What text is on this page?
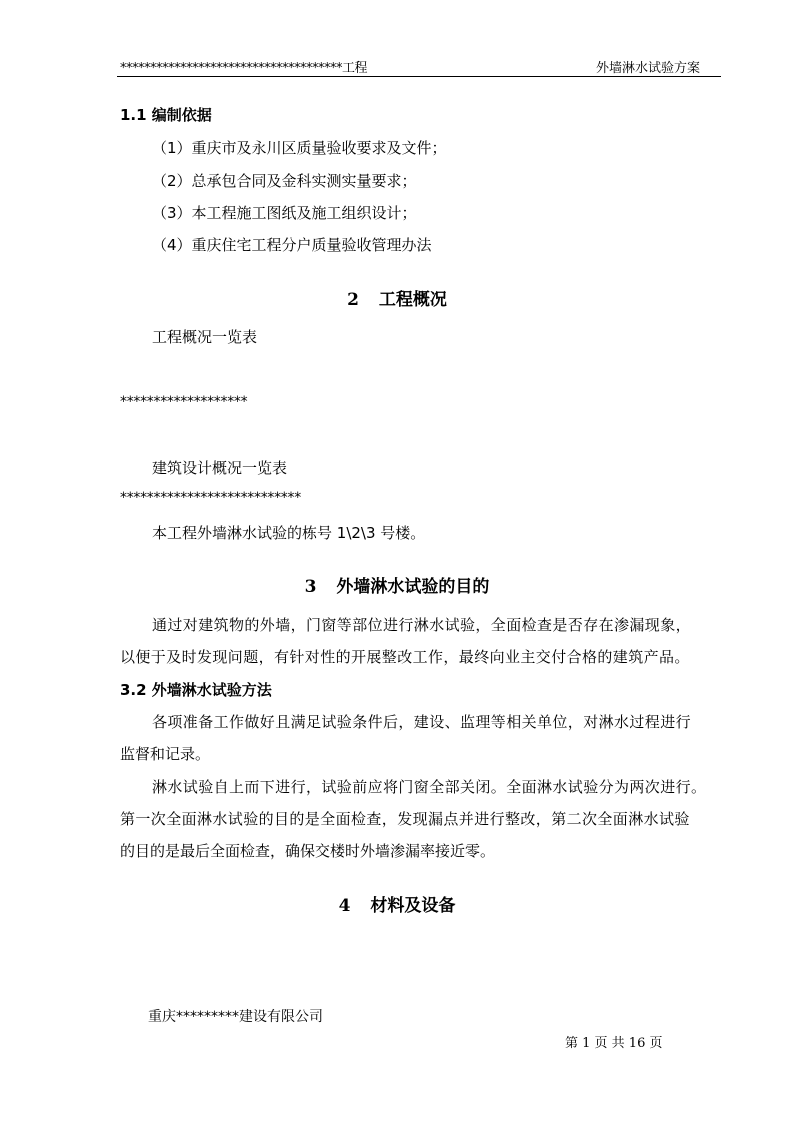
*************************************工程	外墙淋水试验方案
1.1 编制依据
（1）重庆市及永川区质量验收要求及文件；
（2）总承包合同及金科实测实量要求；
（3）本工程施工图纸及施工组织设计；
（4）重庆住宅工程分户质量验收管理办法
2 工程概况
工程概况一览表
*******************
建筑设计概况一览表
***************************
本工程外墙淋水试验的栋号 1\2\3 号楼。
3 外墙淋水试验的目的
通过对建筑物的外墙，门窗等部位进行淋水试验，全面检查是否存在渗漏现象，
以便于及时发现问题，有针对性的开展整改工作，最终向业主交付合格的建筑产品。
3.2 外墙淋水试验方法
各项准备工作做好且满足试验条件后，建设、监理等相关单位，对淋水过程进行
监督和记录。
淋水试验自上而下进行，试验前应将门窗全部关闭。全面淋水试验分为两次进行。
第一次全面淋水试验的目的是全面检查，发现漏点并进行整改，第二次全面淋水试验
的目的是最后全面检查，确保交楼时外墙渗漏率接近零。
4 材料及设备
重庆*********建设有限公司
第 1 页 共 16 页
